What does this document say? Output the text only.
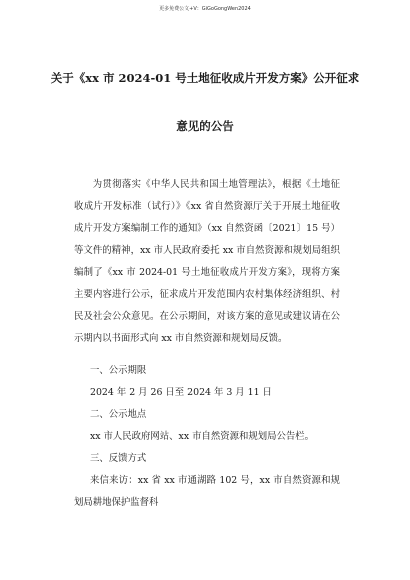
更多免费公文+V：GiGoGongWen2024
关于《xx 市 2024-01 号土地征收成片开发方案》公开征求
意见的公告

为贯彻落实《中华人民共和国土地管理法》，根据《土地征收成片开发标准（试行）》《xx 省自然资源厅关于开展土地征收成片开发方案编制工作的通知》（xx 自然资函〔2021〕15 号）等文件的精神，xx 市人民政府委托 xx 市自然资源和规划局组织编制了《xx 市 2024-01 号土地征收成片开发方案》，现将方案主要内容进行公示，征求成片开发范围内农村集体经济组织、村民及社会公众意见。在公示期间，对该方案的意见或建议请在公示期内以书面形式向 xx 市自然资源和规划局反馈。

一、公示期限
2024 年 2 月 26 日至 2024 年 3 月 11 日
二、公示地点
xx 市人民政府网站、xx 市自然资源和规划局公告栏。
三、反馈方式
来信来访：xx 省 xx 市通湖路 102 号，xx 市自然资源和规划局耕地保护监督科
